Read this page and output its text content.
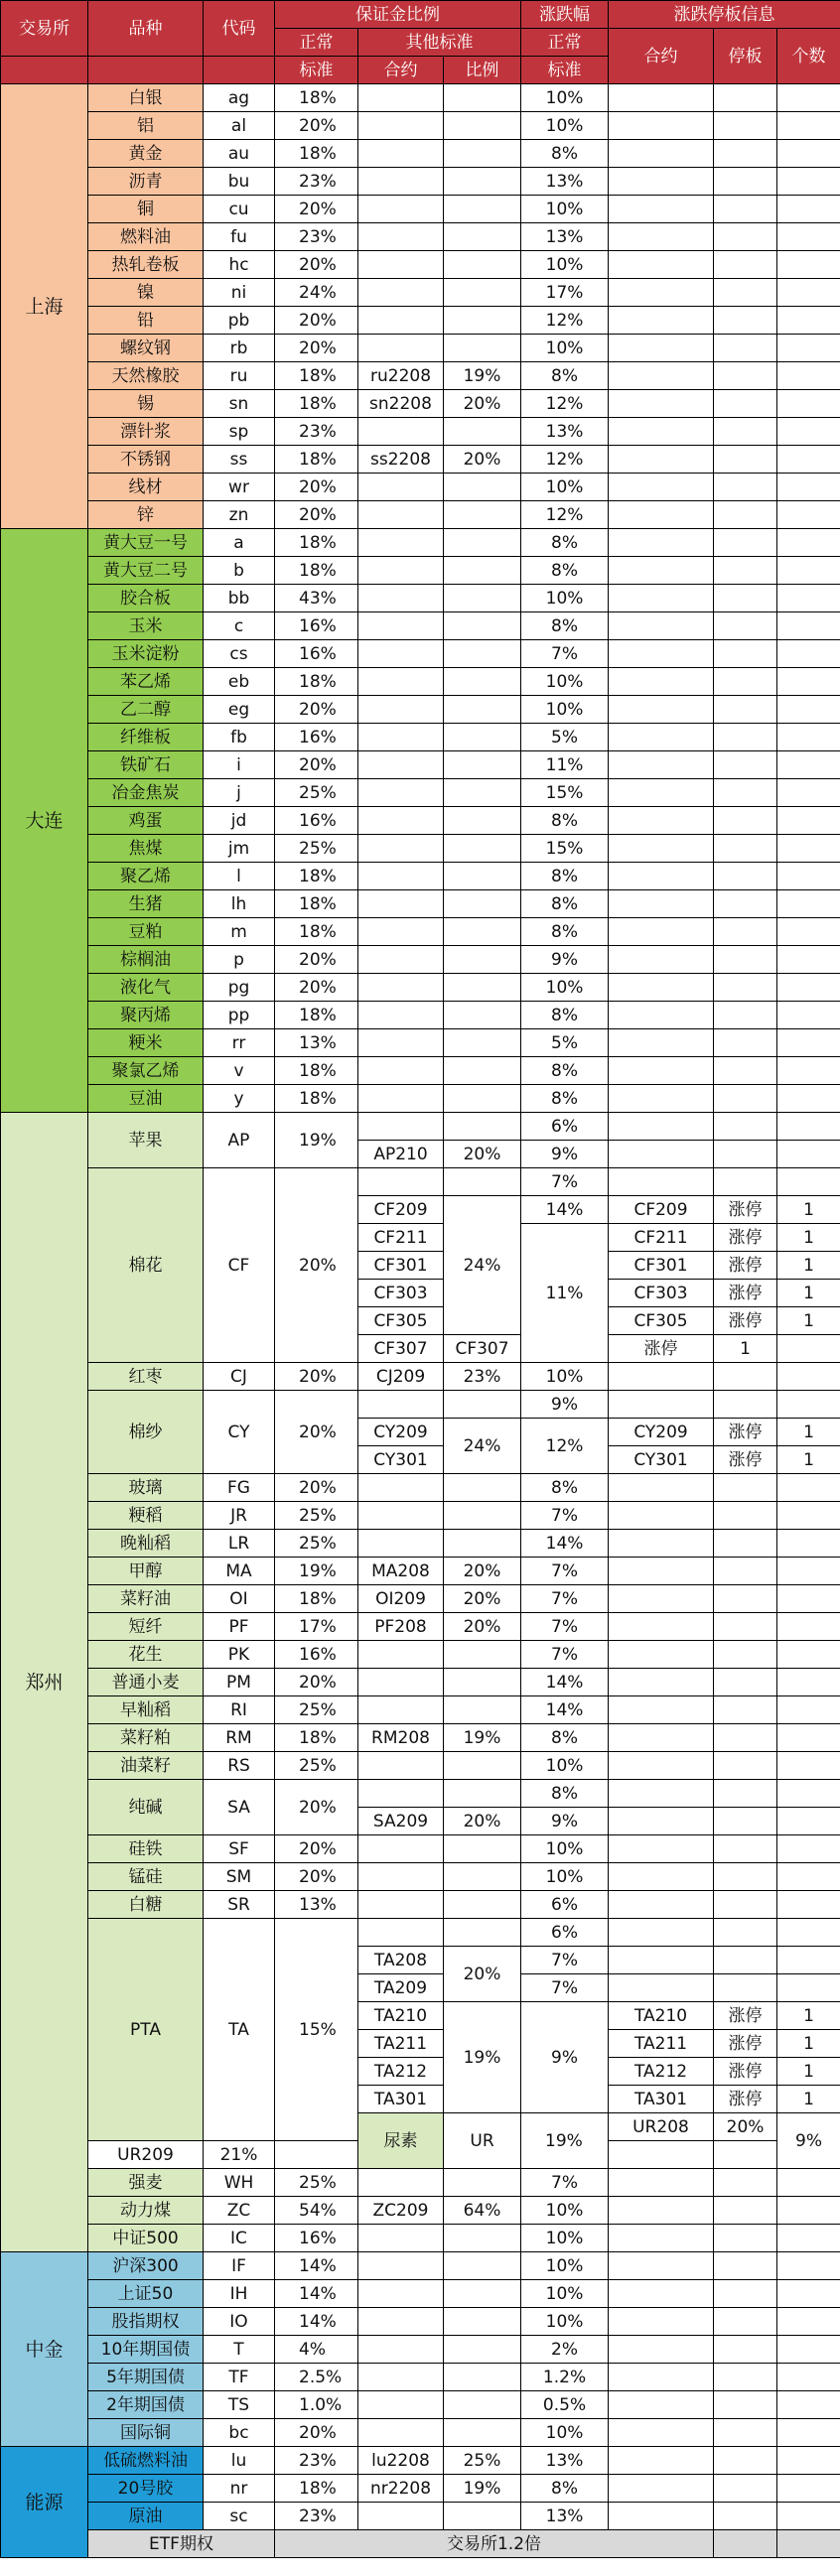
交易所	品种	代码	保证金比例			涨跌幅	涨跌停板信息			
			正常	其他标准		正常	合约	停板	个数	
			标准	合约	比例	标准				
上海	白银	ag	18%			10%				
	铝	al	20%			10%				
	黄金	au	18%			8%				
	沥青	bu	23%			13%				
	铜	cu	20%			10%				
	燃料油	fu	23%			13%				
	热轧卷板	hc	20%			10%				
	镍	ni	24%			17%				
	铅	pb	20%			12%				
	螺纹钢	rb	20%			10%				
	天然橡胶	ru	18%	ru2208	19%	8%				
	锡	sn	18%	sn2208	20%	12%				
	漂针浆	sp	23%			13%				
	不锈钢	ss	18%	ss2208	20%	12%				
	线材	wr	20%			10%				
	锌	zn	20%			12%				
大连	黄大豆一号	a	18%			8%				
	黄大豆二号	b	18%			8%				
	胶合板	bb	43%			10%				
	玉米	c	16%			8%				
	玉米淀粉	cs	16%			7%				
	苯乙烯	eb	18%			10%				
	乙二醇	eg	20%			10%				
	纤维板	fb	16%			5%				
	铁矿石	i	20%			11%				
	冶金焦炭	j	25%			15%				
	鸡蛋	jd	16%			8%				
	焦煤	jm	25%			15%				
	聚乙烯	l	18%			8%				
	生猪	lh	18%			8%				
	豆粕	m	18%			8%				
	棕榈油	p	20%			9%				
	液化气	pg	20%			10%				
	聚丙烯	pp	18%			8%				
	粳米	rr	13%			5%				
	聚氯乙烯	v	18%			8%				
	豆油	y	18%			8%				
郑州	苹果	AP	19%			6%				
				AP210	20%	9%				
	棉花	CF	20%			7%				
				CF209	24%	14%	CF209	涨停	1	
				CF211		11%	CF211	涨停	1	
				CF301			CF301	涨停	1	
				CF303			CF303	涨停	1	
				CF305			CF305	涨停	1	
				CF307	CF307		涨停	1		
	红枣	CJ	20%	CJ209	23%	10%				
	棉纱	CY	20%			9%				
				CY209	24%	12%	CY209	涨停	1	
				CY301			CY301	涨停	1	
	玻璃	FG	20%			8%				
	粳稻	JR	25%			7%				
	晚籼稻	LR	25%			14%				
	甲醇	MA	19%	MA208	20%	7%				
	菜籽油	OI	18%	OI209	20%	7%				
	短纤	PF	17%	PF208	20%	7%				
	花生	PK	16%			7%				
	普通小麦	PM	20%			14%				
	早籼稻	RI	25%			14%				
	菜籽粕	RM	18%	RM208	19%	8%				
	油菜籽	RS	25%			10%				
	纯碱	SA	20%			8%				
				SA209	20%	9%				
	硅铁	SF	20%			10%				
	锰硅	SM	20%			10%				
	白糖	SR	13%			6%				
	PTA	TA	15%			6%				
				TA208	20%	7%				
				TA209		7%				
				TA210	19%	9%	TA210	涨停	1	
				TA211			TA211	涨停	1	
				TA212			TA212	涨停	1	
				TA301			TA301	涨停	1	
				尿素	UR	19%	UR208	20%	9%			
	UR209	21%								
	强麦	WH	25%			7%				
	动力煤	ZC	54%	ZC209	64%	10%				
	中证500	IC	16%			10%				
中金	沪深300	IF	14%			10%				
	上证50	IH	14%			10%				
	股指期权	IO	14%			10%				
	10年期国债	T	4%			2%				
	5年期国债	TF	2.5%			1.2%				
	2年期国债	TS	1.0%			0.5%				
	国际铜	bc	20%			10%				
能源	低硫燃料油	lu	23%	lu2208	25%	13%				
	20号胶	nr	18%	nr2208	19%	8%				
	原油	sc	23%			13%				
	ETF期权		交易所1.2倍							
